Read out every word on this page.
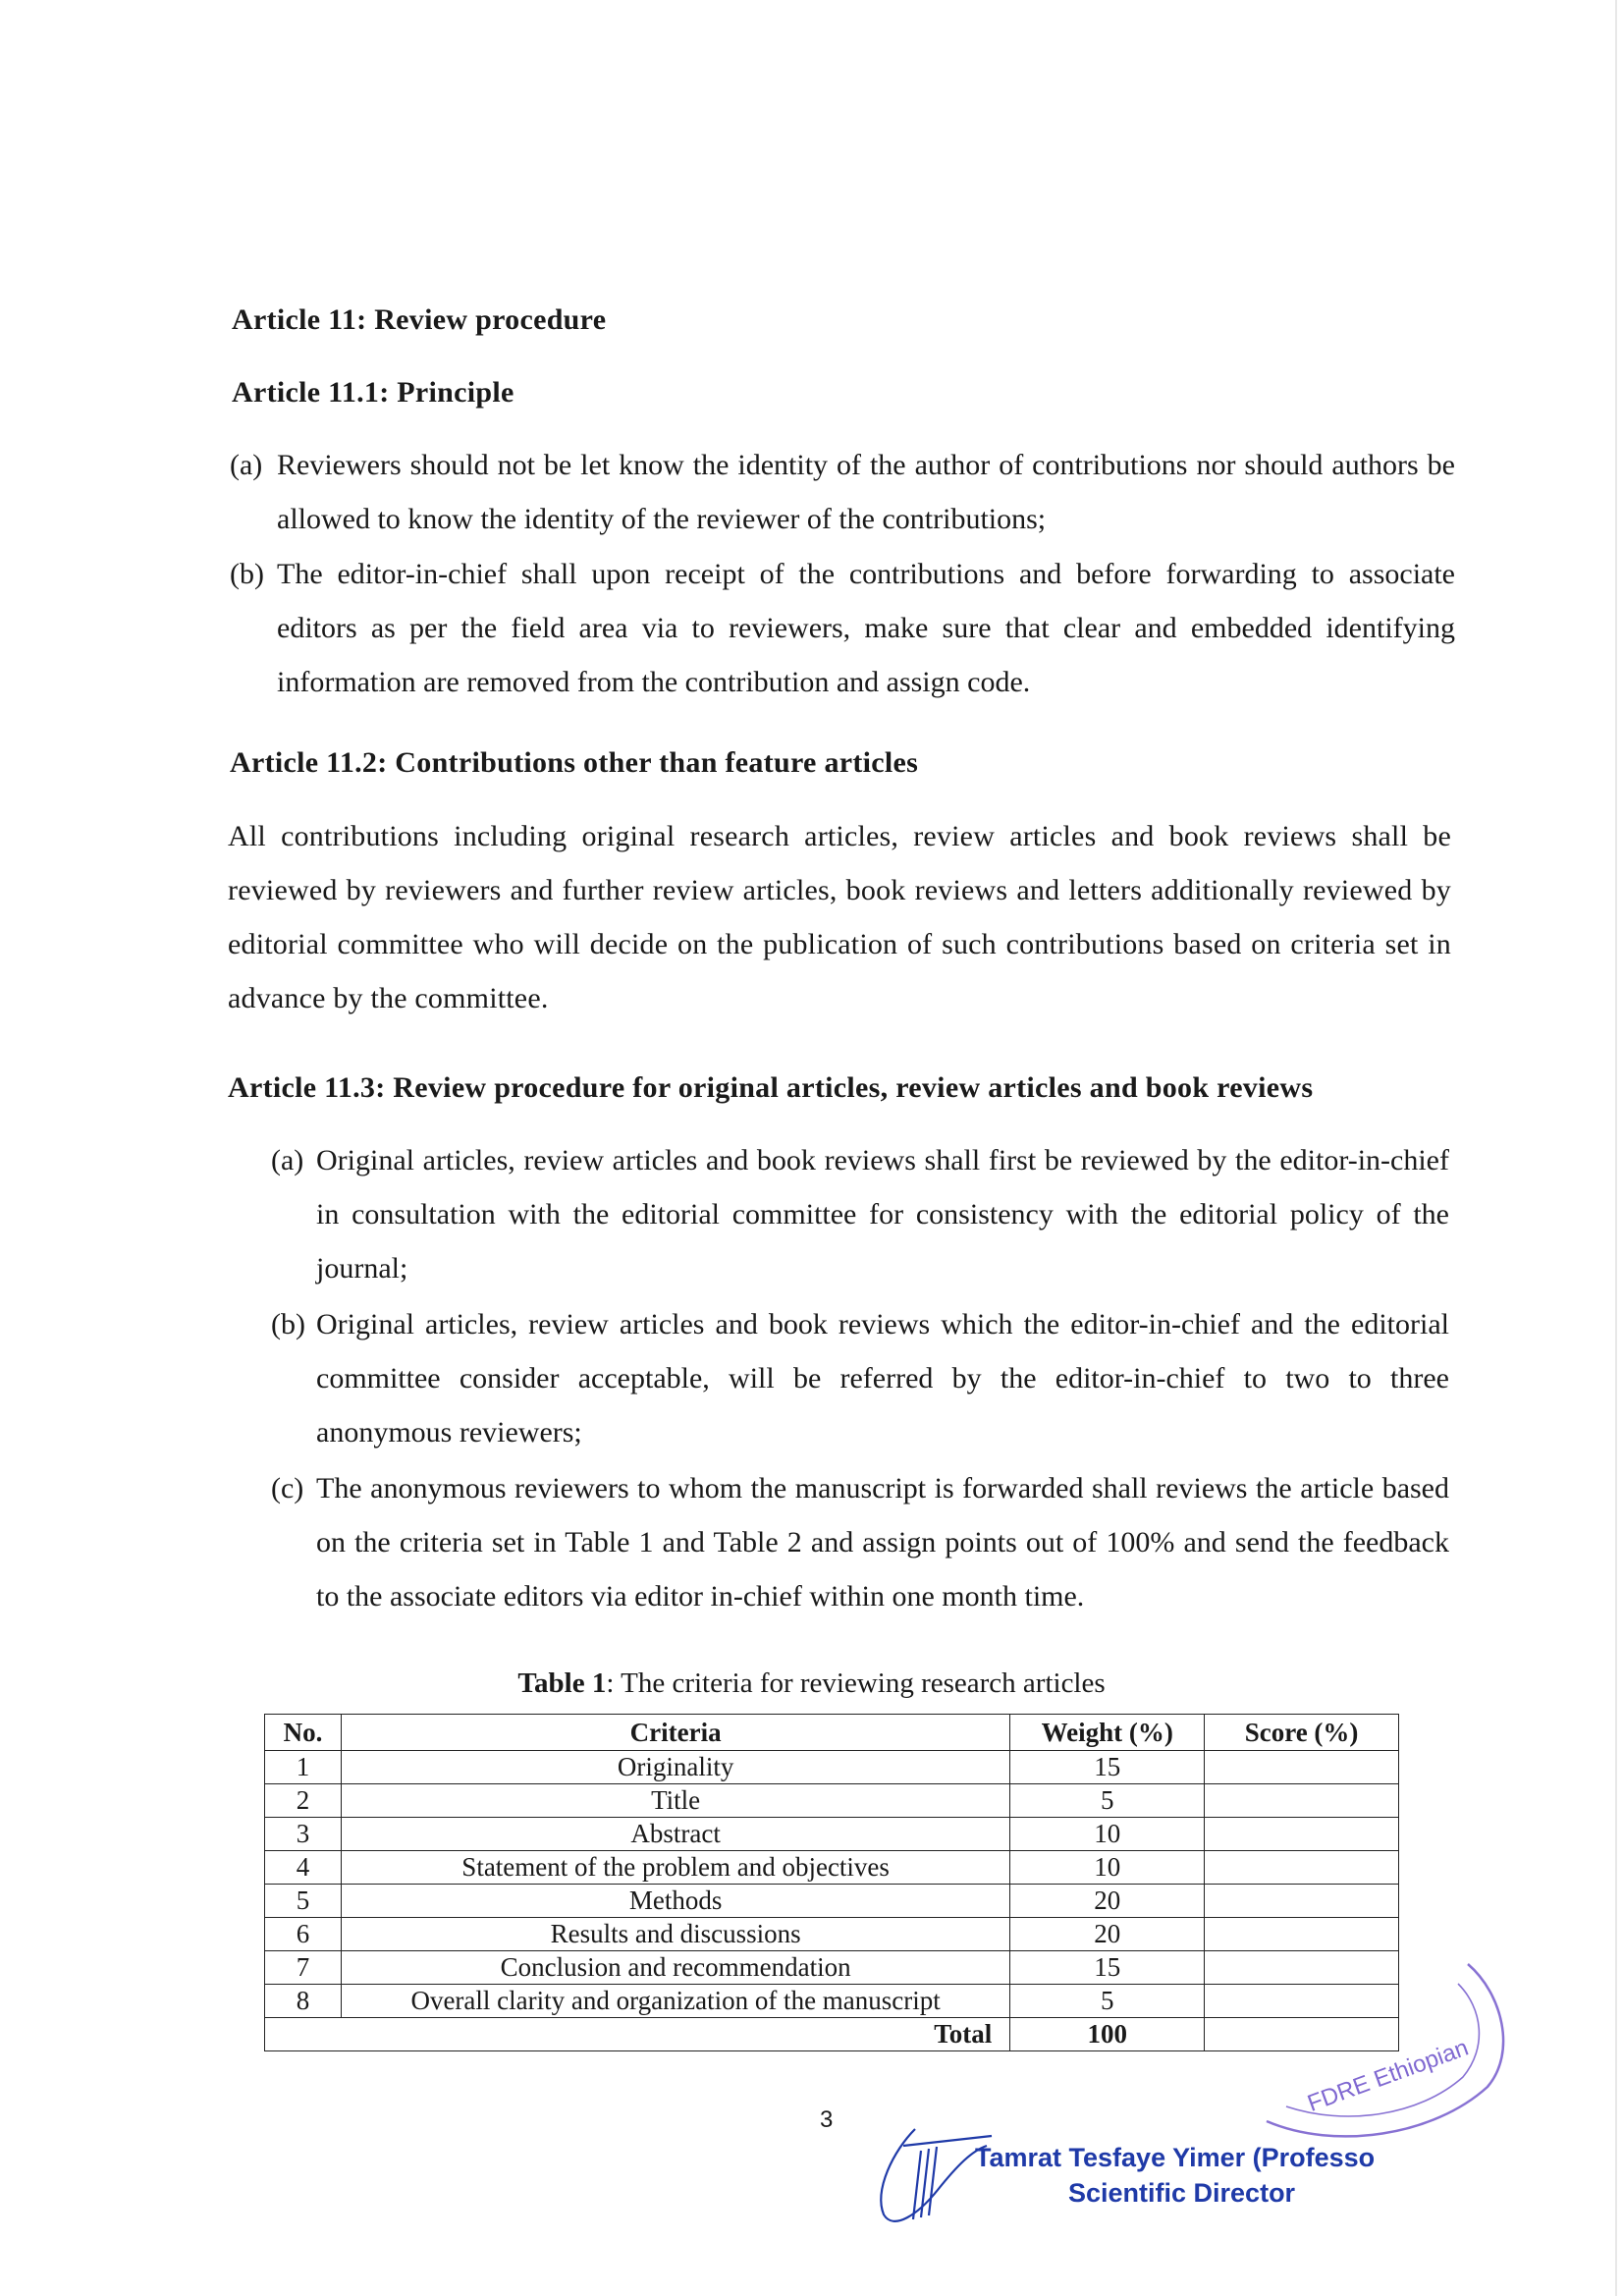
Article 11: Review procedure
Article 11.1: Principle
(a) Reviewers should not be let know the identity of the author of contributions nor should authors be allowed to know the identity of the reviewer of the contributions;
(b) The editor-in-chief shall upon receipt of the contributions and before forwarding to associate editors as per the field area via to reviewers, make sure that clear and embedded identifying information are removed from the contribution and assign code.
Article 11.2: Contributions other than feature articles
All contributions including original research articles, review articles and book reviews shall be reviewed by reviewers and further review articles, book reviews and letters additionally reviewed by editorial committee who will decide on the publication of such contributions based on criteria set in advance by the committee.
Article 11.3: Review procedure for original articles, review articles and book reviews
(a) Original articles, review articles and book reviews shall first be reviewed by the editor-in-chief in consultation with the editorial committee for consistency with the editorial policy of the journal;
(b) Original articles, review articles and book reviews which the editor-in-chief and the editorial committee consider acceptable, will be referred by the editor-in-chief to two to three anonymous reviewers;
(c) The anonymous reviewers to whom the manuscript is forwarded shall reviews the article based on the criteria set in Table 1 and Table 2 and assign points out of 100% and send the feedback to the associate editors via editor in-chief within one month time.
Table 1: The criteria for reviewing research articles
No.	Criteria	Weight (%)	Score (%)
1	Originality	15	
2	Title	5	
3	Abstract	10	
4	Statement of the problem and objectives	10	
5	Methods	20	
6	Results and discussions	20	
7	Conclusion and recommendation	15	
8	Overall clarity and organization of the manuscript	5	
Total		100	
3
FDRE Ethiopian
Tamrat Tesfaye Yimer (Professo
Scientific Director
